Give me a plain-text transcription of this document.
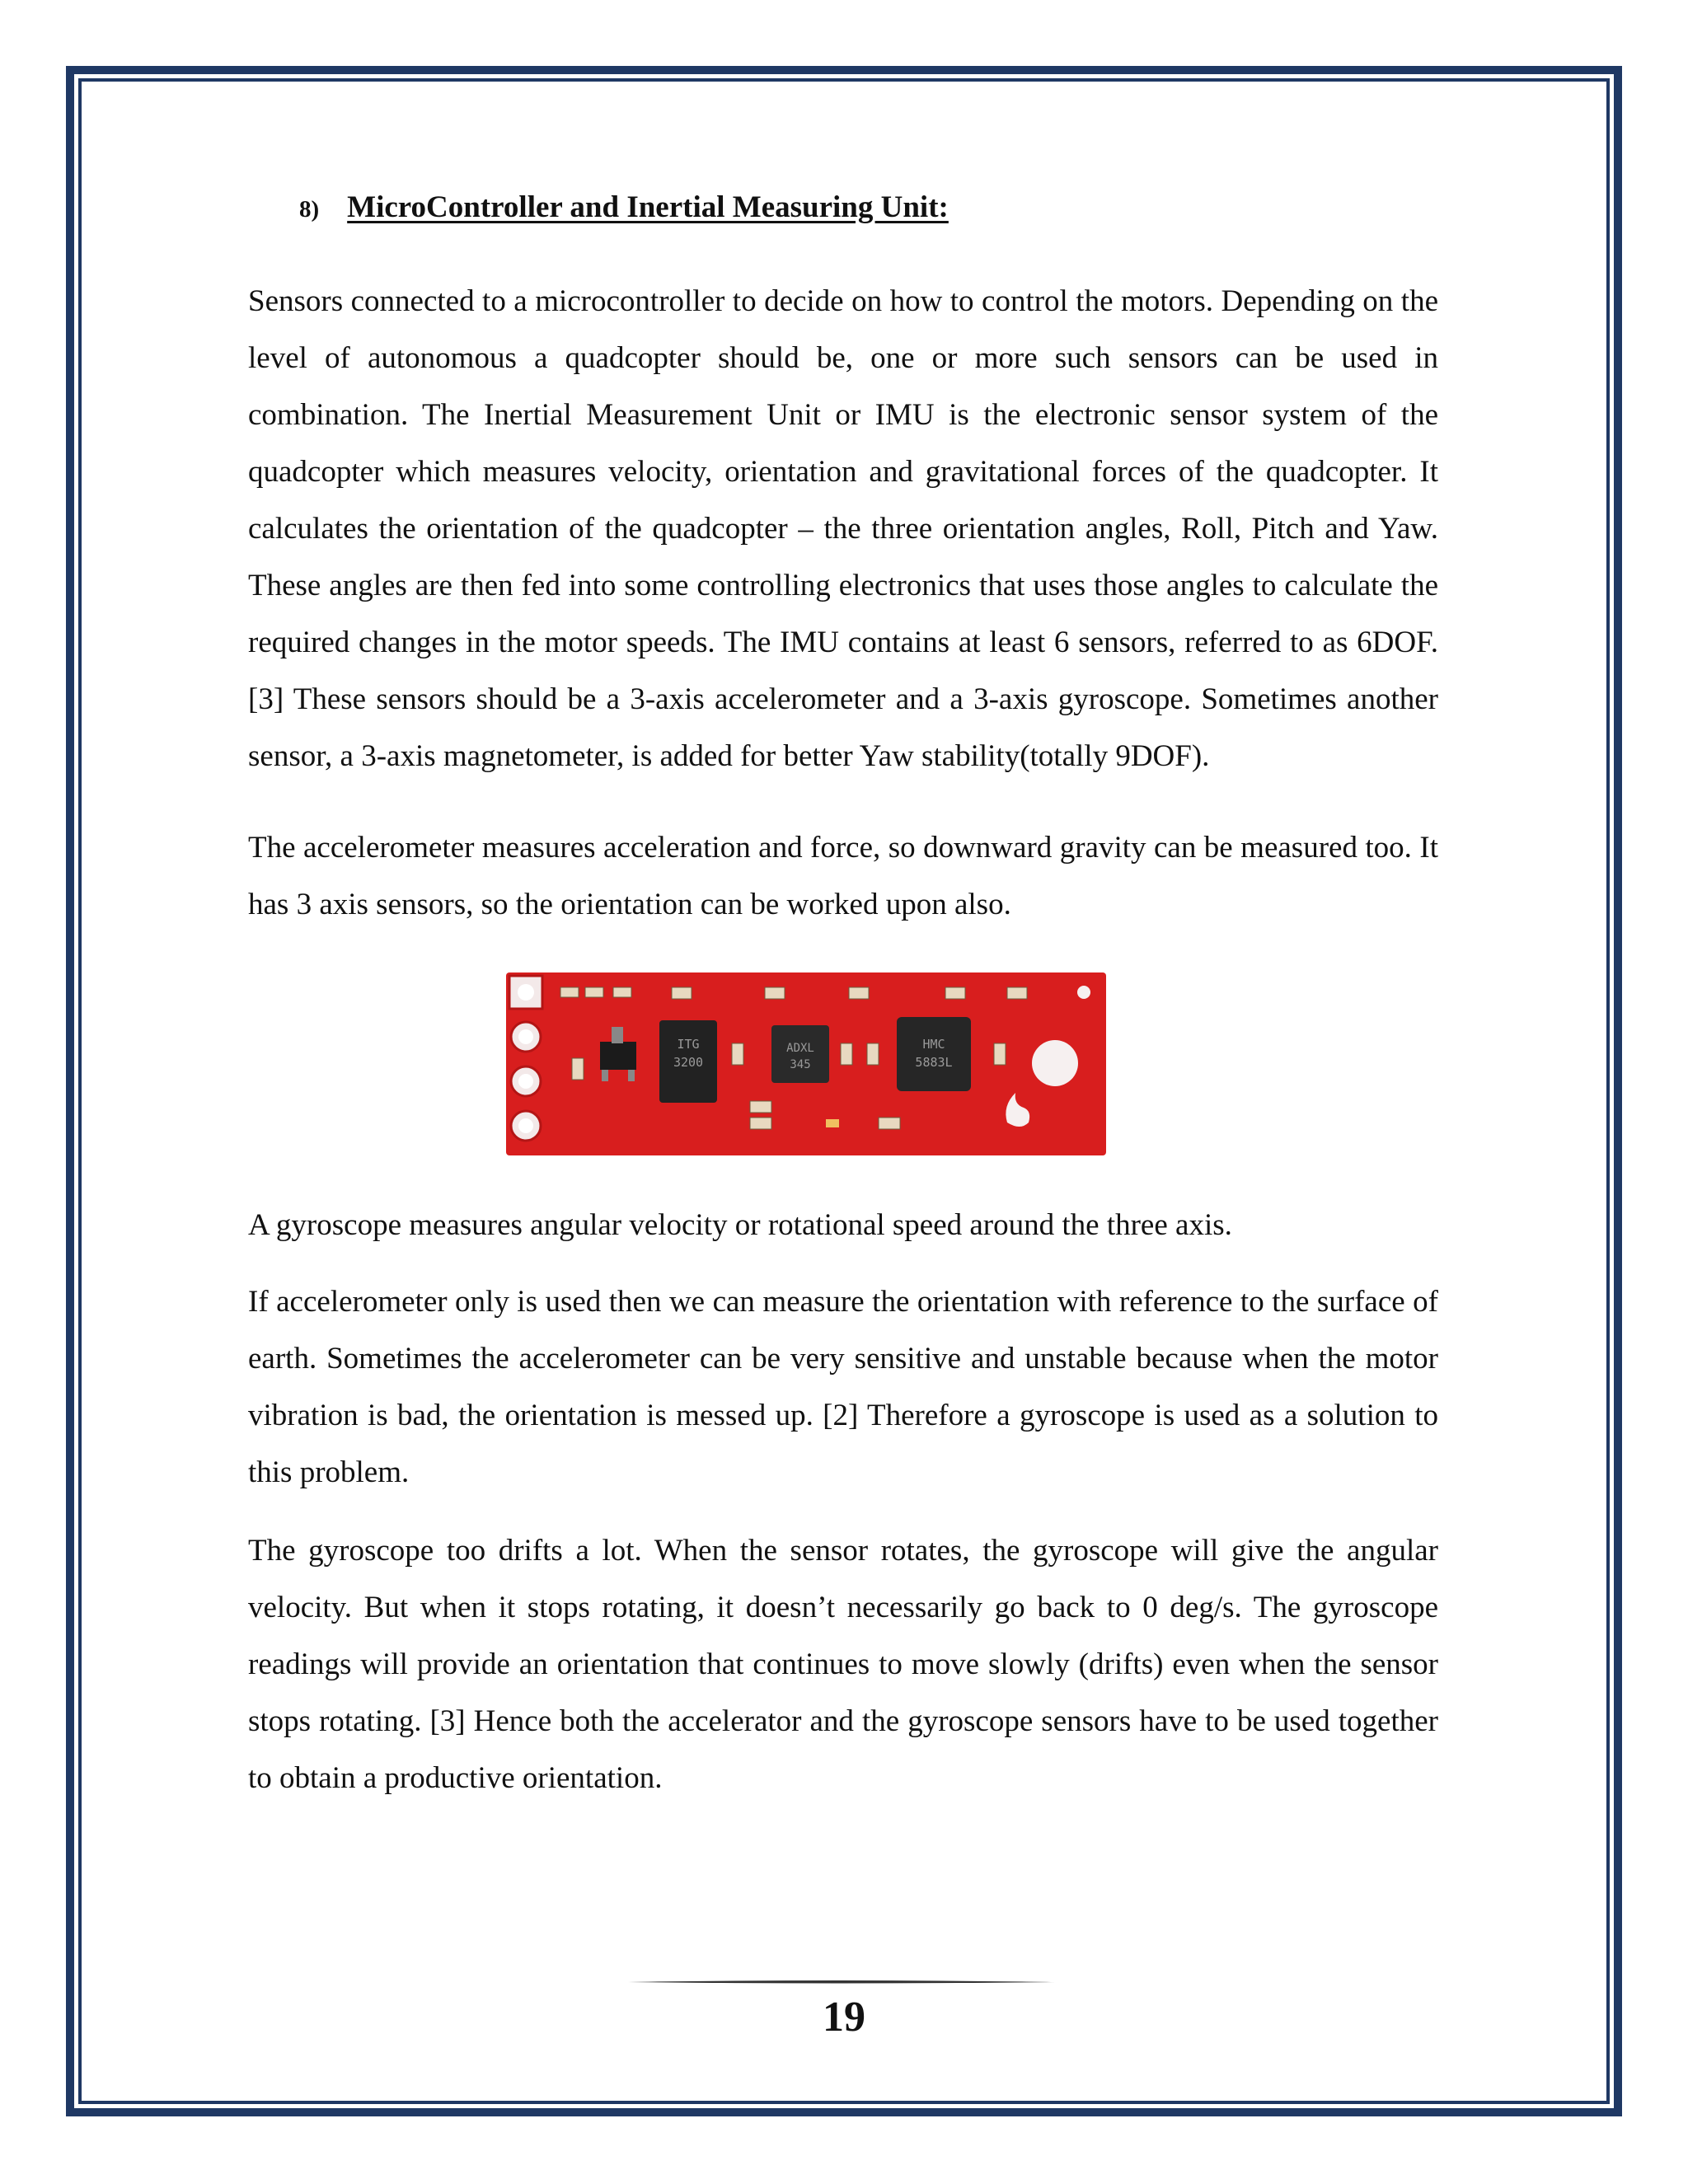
8) MicroController and Inertial Measuring Unit:

Sensors connected to a microcontroller to decide on how to control the motors. Depending on the level of autonomous a quadcopter should be, one or more such sensors can be used in combination. The Inertial Measurement Unit or IMU is the electronic sensor system of the quadcopter which measures velocity, orientation and gravitational forces of the quadcopter. It calculates the orientation of the quadcopter – the three orientation angles, Roll, Pitch and Yaw. These angles are then fed into some controlling electronics that uses those angles to calculate the required changes in the motor speeds. The IMU contains at least 6 sensors, referred to as 6DOF. [3] These sensors should be a 3-axis accelerometer and a 3-axis gyroscope. Sometimes another sensor, a 3-axis magnetometer, is added for better Yaw stability(totally 9DOF).

The accelerometer measures acceleration and force, so downward gravity can be measured too. It has 3 axis sensors, so the orientation can be worked upon also.

ITG
3200
ADXL
345
HMC
5883L

A gyroscope measures angular velocity or rotational speed around the three axis.

If accelerometer only is used then we can measure the orientation with reference to the surface of earth. Sometimes the accelerometer can be very sensitive and unstable because when the motor vibration is bad, the orientation is messed up. [2] Therefore a gyroscope is used as a solution to this problem.

The gyroscope too drifts a lot. When the sensor rotates, the gyroscope will give the angular velocity. But when it stops rotating, it doesn’t necessarily go back to 0 deg/s. The gyroscope readings will provide an orientation that continues to move slowly (drifts) even when the sensor stops rotating. [3] Hence both the accelerator and the gyroscope sensors have to be used together to obtain a productive orientation.

19
